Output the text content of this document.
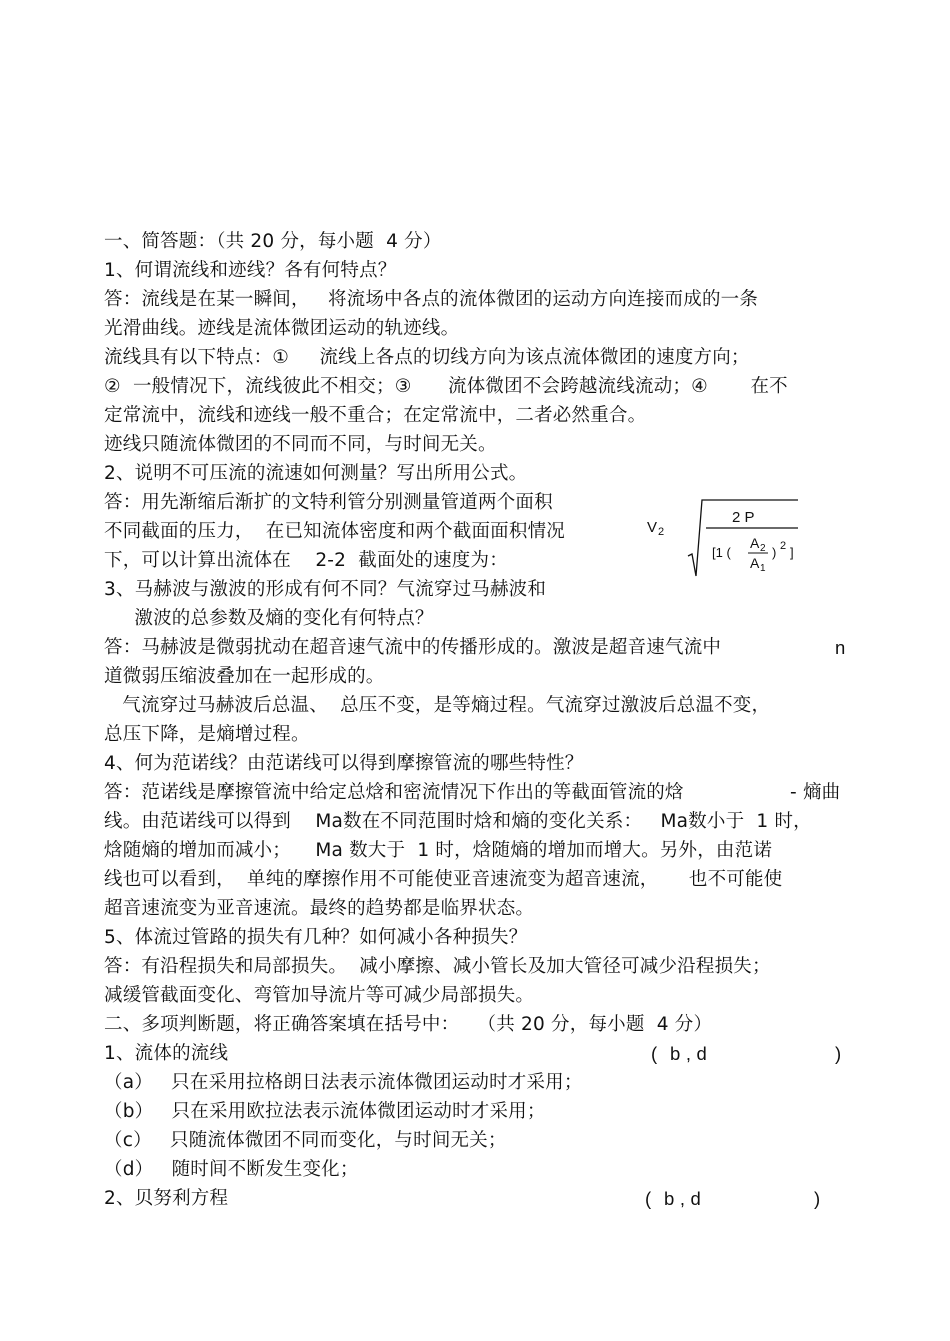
一、简答题：（共 20 分，每小题  4 分）
1、何谓流线和迹线？各有何特点？
答：流线是在某一瞬间，   将流场中各点的流体微团的运动方向连接而成的一条
光滑曲线。迹线是流体微团运动的轨迹线。
流线具有以下特点：①     流线上各点的切线方向为该点流体微团的速度方向；
②  一般情况下，流线彼此不相交；③      流体微团不会跨越流线流动；④       在不
定常流中，流线和迹线一般不重合；在定常流中，二者必然重合。
迹线只随流体微团的不同而不同，与时间无关。
2、说明不可压流的流速如何测量？写出所用公式。
答：用先渐缩后渐扩的文特利管分别测量管道两个面积
不同截面的压力，  在已知流体密度和两个截面面积情况
下，可以计算出流体在    2-2  截面处的速度为：
V 2
2 P
[1 (
A 2
A 1
) 2 ]
3、马赫波与激波的形成有何不同？气流穿过马赫波和
激波的总参数及熵的变化有何特点？
答：马赫波是微弱扰动在超音速气流中的传播形成的。激波是超音速气流中	n
道微弱压缩波叠加在一起形成的。
气流穿过马赫波后总温、  总压不变，是等熵过程。气流穿过激波后总温不变，
总压下降，是熵增过程。
4、何为范诺线？由范诺线可以得到摩擦管流的哪些特性？
答：范诺线是摩擦管流中给定总焓和密流情况下作出的等截面管流的焓	- 熵曲
线。由范诺线可以得到    Ma数在不同范围时焓和熵的变化关系：   Ma数小于  1 时，
焓随熵的增加而减小；    Ma 数大于  1 时，焓随熵的增加而增大。另外，由范诺
线也可以看到，  单纯的摩擦作用不可能使亚音速流变为超音速流，     也不可能使
超音速流变为亚音速流。最终的趋势都是临界状态。
5、体流过管路的损失有几种？如何减小各种损失？
答：有沿程损失和局部损失。  减小摩擦、减小管长及加大管径可减少沿程损失；
减缓管截面变化、弯管加导流片等可减少局部损失。
二、多项判断题，将正确答案填在括号中：   （共 20 分，每小题  4 分）
1、流体的流线	( b , d	)
（a）   只在采用拉格朗日法表示流体微团运动时才采用；
（b）   只在采用欧拉法表示流体微团运动时才采用；
（c）   只随流体微团不同而变化，与时间无关；
（d）   随时间不断发生变化；
2、贝努利方程	( b , d	)
